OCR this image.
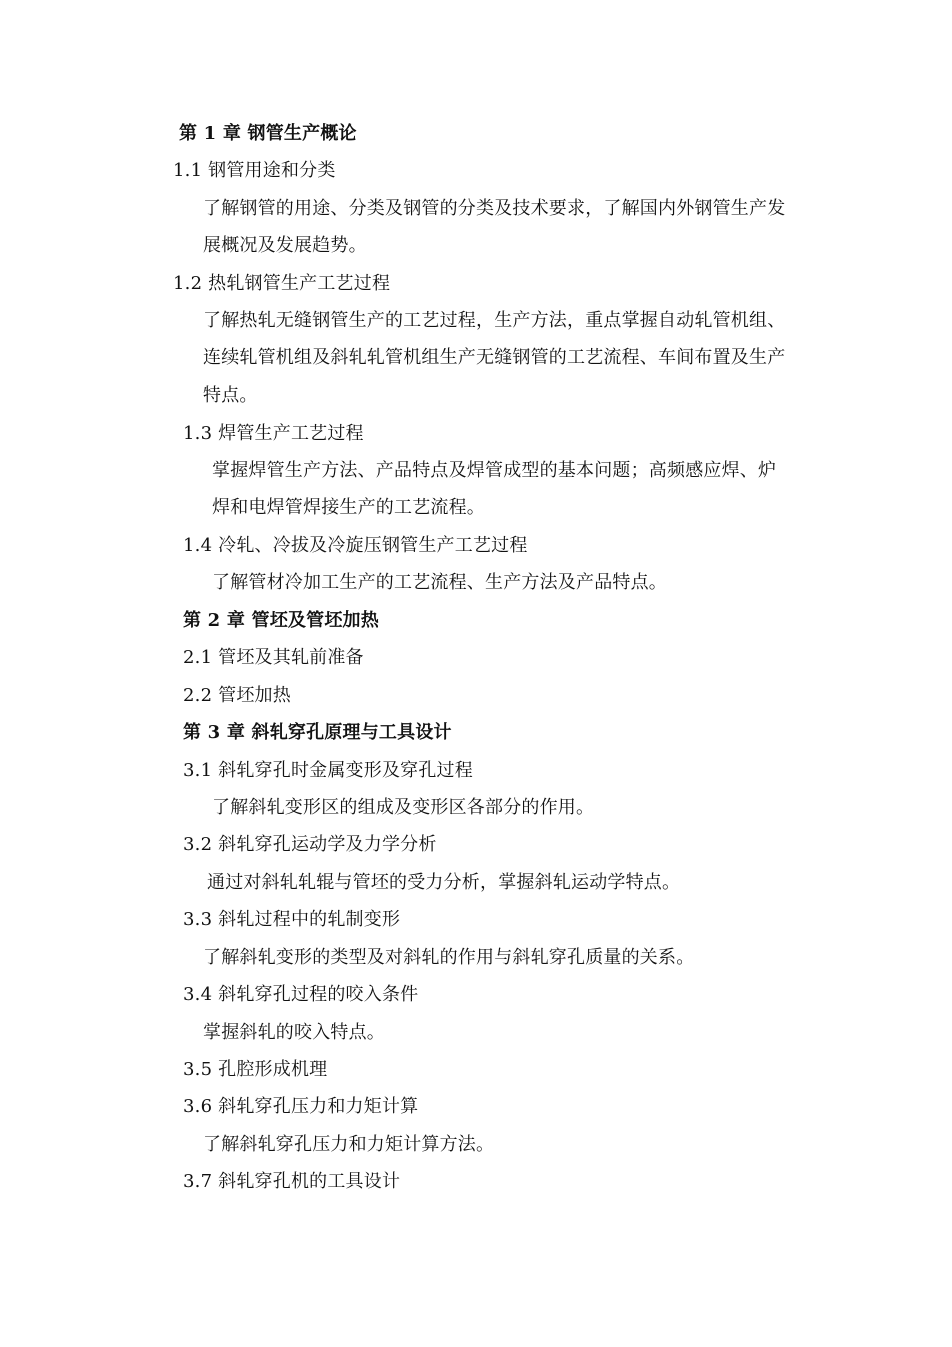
第 1 章 钢管生产概论
1.1 钢管用途和分类
了解钢管的用途、分类及钢管的分类及技术要求，了解国内外钢管生产发
展概况及发展趋势。
1.2 热轧钢管生产工艺过程
了解热轧无缝钢管生产的工艺过程，生产方法，重点掌握自动轧管机组、
连续轧管机组及斜轧轧管机组生产无缝钢管的工艺流程、车间布置及生产
特点。
1.3 焊管生产工艺过程
掌握焊管生产方法、产品特点及焊管成型的基本问题；高频感应焊、炉
焊和电焊管焊接生产的工艺流程。
1.4 冷轧、冷拔及冷旋压钢管生产工艺过程
了解管材冷加工生产的工艺流程、生产方法及产品特点。
第 2 章 管坯及管坯加热
2.1 管坯及其轧前准备
2.2 管坯加热
第 3 章 斜轧穿孔原理与工具设计
3.1 斜轧穿孔时金属变形及穿孔过程
了解斜轧变形区的组成及变形区各部分的作用。
3.2 斜轧穿孔运动学及力学分析
通过对斜轧轧辊与管坯的受力分析，掌握斜轧运动学特点。
3.3 斜轧过程中的轧制变形
了解斜轧变形的类型及对斜轧的作用与斜轧穿孔质量的关系。
3.4 斜轧穿孔过程的咬入条件
掌握斜轧的咬入特点。
3.5 孔腔形成机理
3.6 斜轧穿孔压力和力矩计算
了解斜轧穿孔压力和力矩计算方法。
3.7 斜轧穿孔机的工具设计
